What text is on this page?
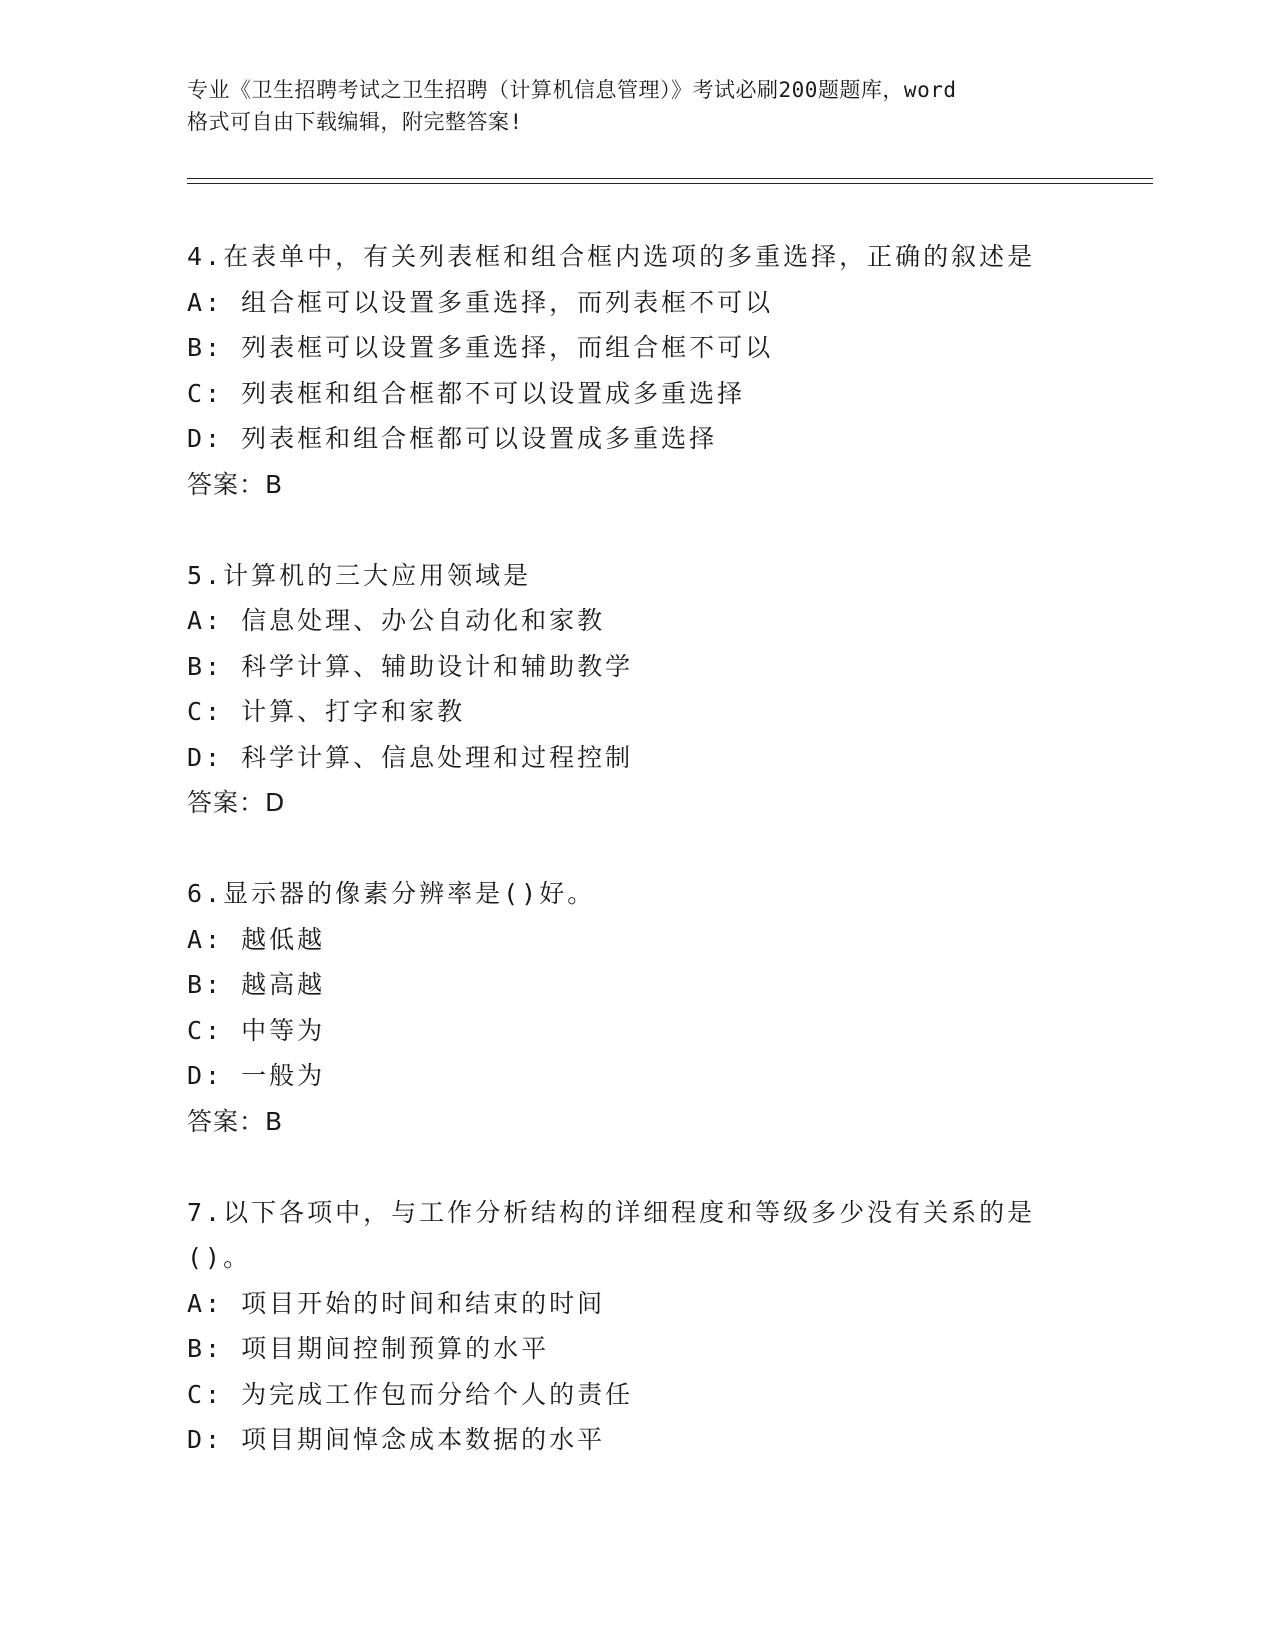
专业《卫生招聘考试之卫生招聘（计算机信息管理）》考试必刷200题题库，word
格式可自由下载编辑，附完整答案!
4.在表单中，有关列表框和组合框内选项的多重选择，正确的叙述是
A: 组合框可以设置多重选择，而列表框不可以
B: 列表框可以设置多重选择，而组合框不可以
C: 列表框和组合框都不可以设置成多重选择
D: 列表框和组合框都可以设置成多重选择
答案：B
5.计算机的三大应用领域是
A: 信息处理、办公自动化和家教
B: 科学计算、辅助设计和辅助教学
C: 计算、打字和家教
D: 科学计算、信息处理和过程控制
答案：D
6.显示器的像素分辨率是()好。
A: 越低越
B: 越高越
C: 中等为
D: 一般为
答案：B
7.以下各项中，与工作分析结构的详细程度和等级多少没有关系的是
()。
A: 项目开始的时间和结束的时间
B: 项目期间控制预算的水平
C: 为完成工作包而分给个人的责任
D: 项目期间悼念成本数据的水平
